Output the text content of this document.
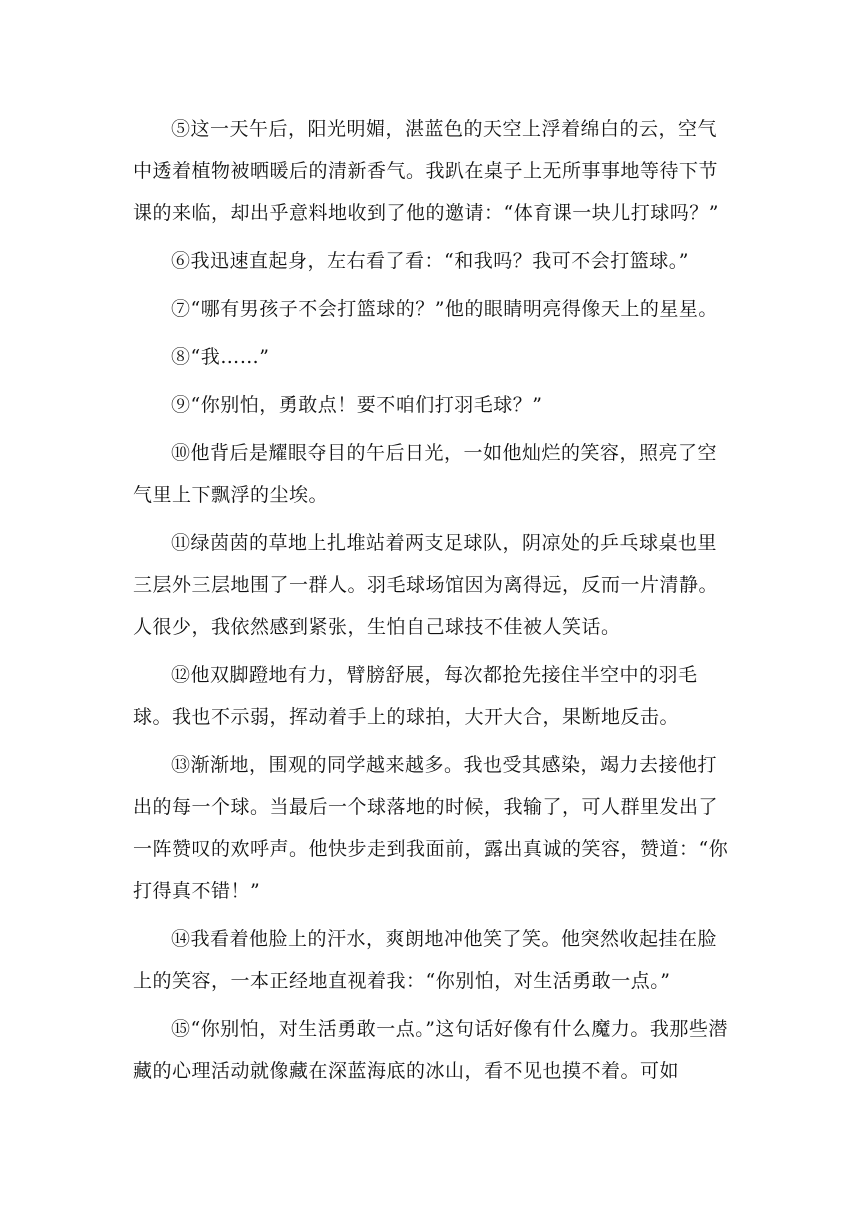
⑤这一天午后，阳光明媚，湛蓝色的天空上浮着绵白的云，空气中透着植物被晒暖后的清新香气。我趴在桌子上无所事事地等待下节课的来临，却出乎意料地收到了他的邀请：“体育课一块儿打球吗？”

⑥我迅速直起身，左右看了看：“和我吗？我可不会打篮球。”

⑦“哪有男孩子不会打篮球的？”他的眼睛明亮得像天上的星星。

⑧“我……”

⑨“你别怕，勇敢点！要不咱们打羽毛球？”

⑩他背后是耀眼夺目的午后日光，一如他灿烂的笑容，照亮了空气里上下飘浮的尘埃。

⑪绿茵茵的草地上扎堆站着两支足球队，阴凉处的乒乓球桌也里三层外三层地围了一群人。羽毛球场馆因为离得远，反而一片清静。人很少，我依然感到紧张，生怕自己球技不佳被人笑话。

⑫他双脚蹬地有力，臂膀舒展，每次都抢先接住半空中的羽毛球。我也不示弱，挥动着手上的球拍，大开大合，果断地反击。

⑬渐渐地，围观的同学越来越多。我也受其感染，竭力去接他打出的每一个球。当最后一个球落地的时候，我输了，可人群里发出了一阵赞叹的欢呼声。他快步走到我面前，露出真诚的笑容，赞道：“你打得真不错！”

⑭我看着他脸上的汗水，爽朗地冲他笑了笑。他突然收起挂在脸上的笑容，一本正经地直视着我：“你别怕，对生活勇敢一点。”

⑮“你别怕，对生活勇敢一点。”这句话好像有什么魔力。我那些潜藏的心理活动就像藏在深蓝海底的冰山，看不见也摸不着。可如
